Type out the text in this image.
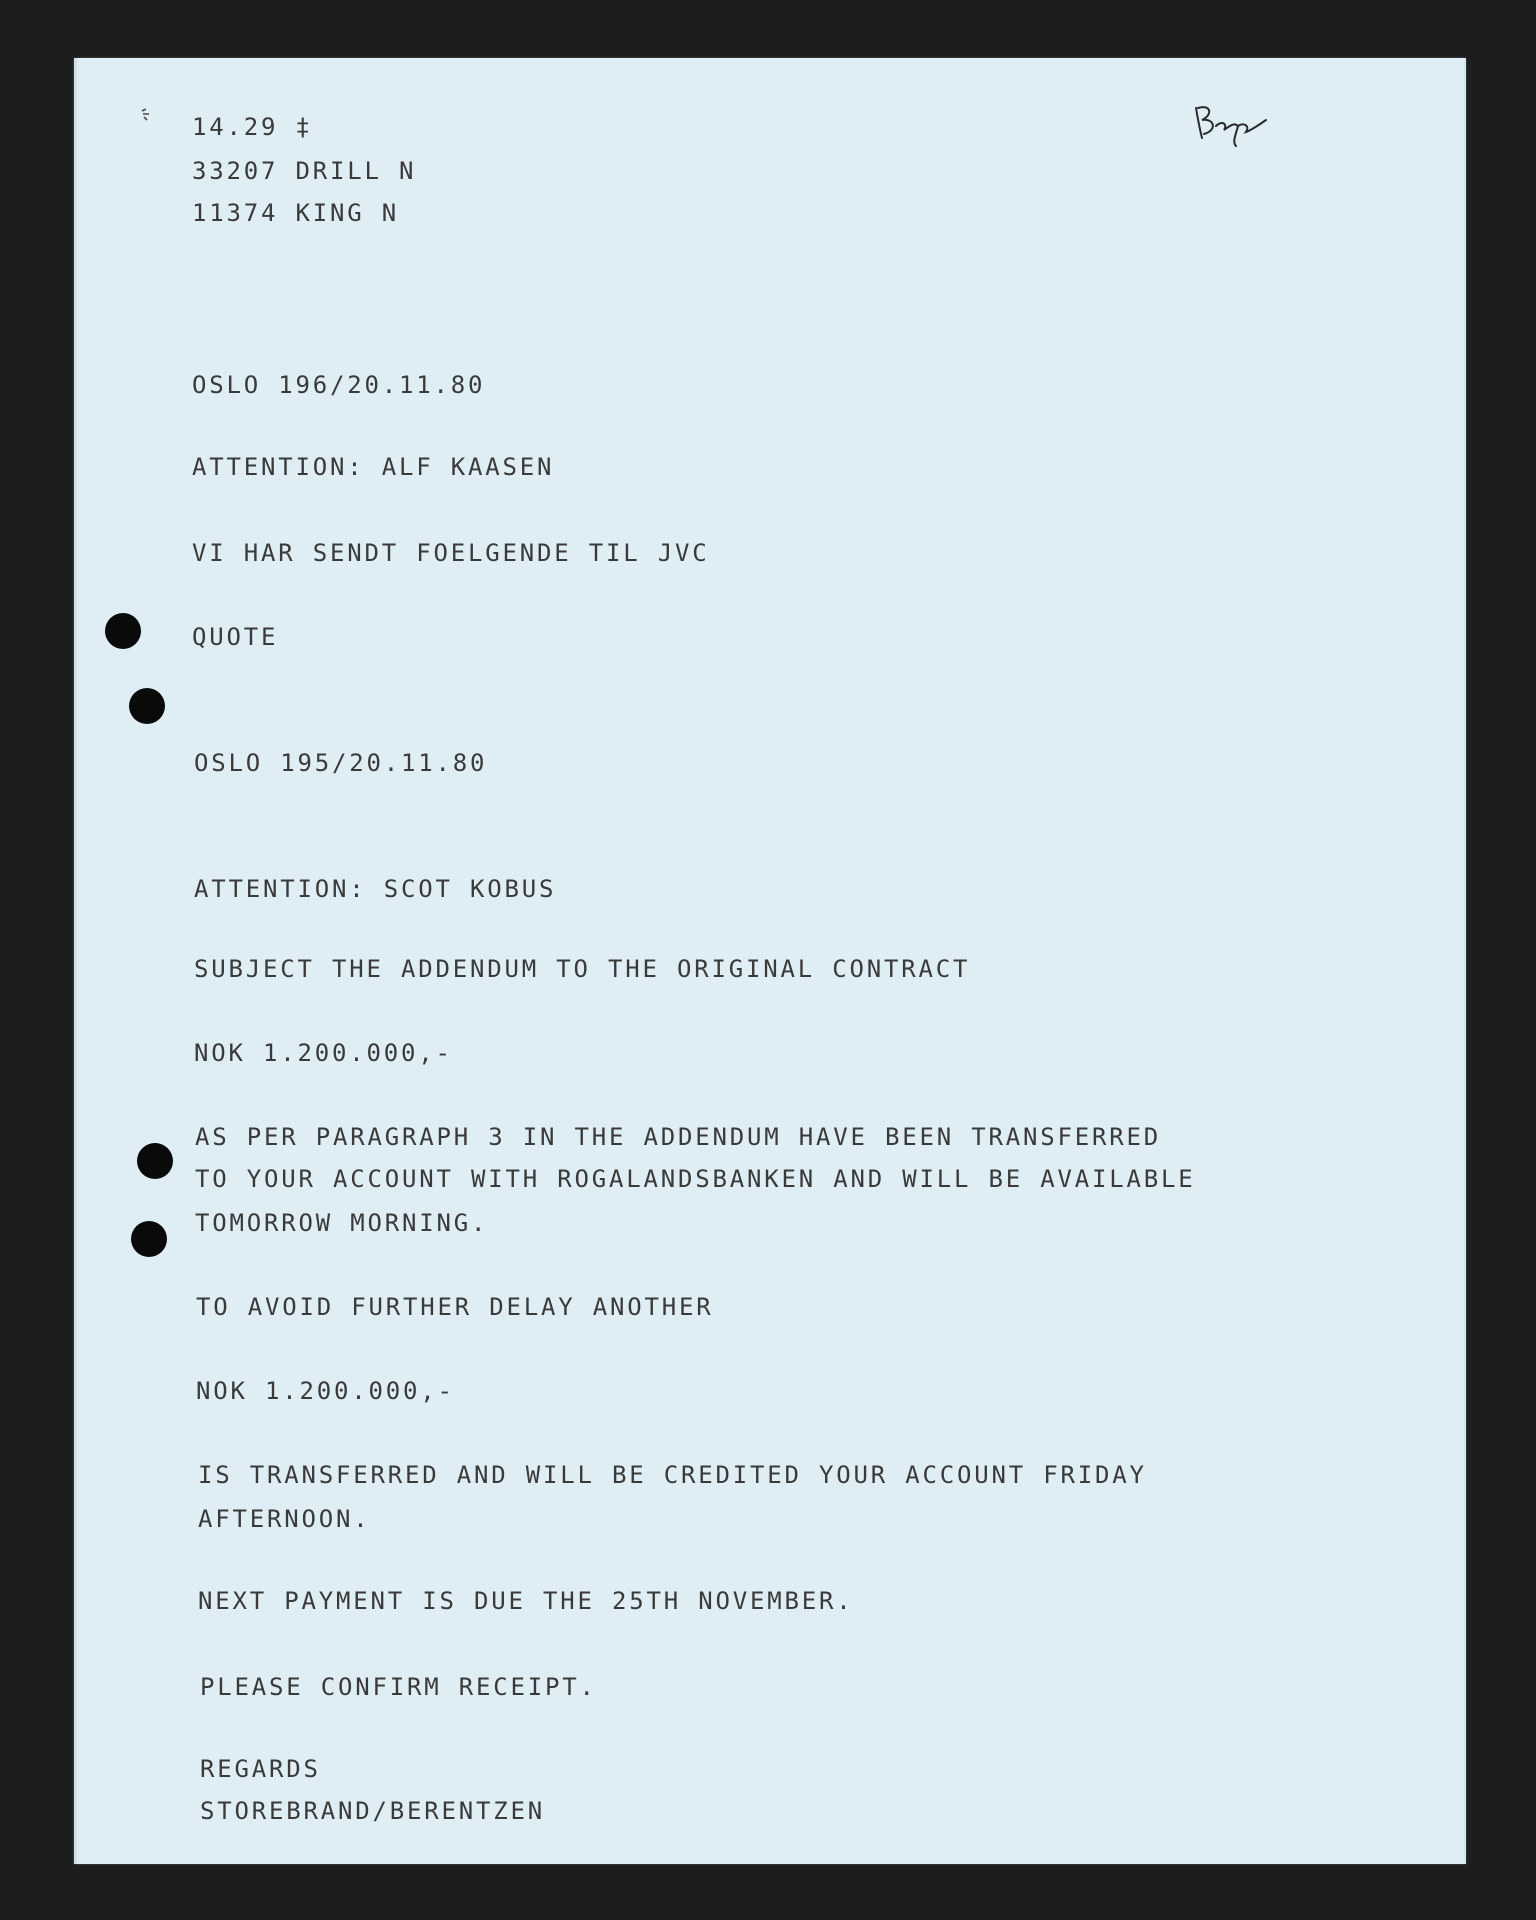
14.29 ‡
33207 DRILL N
11374 KING N
OSLO 196/20.11.80
ATTENTION: ALF KAASEN
VI HAR SENDT FOELGENDE TIL JVC
QUOTE
OSLO 195/20.11.80
ATTENTION: SCOT KOBUS
SUBJECT THE ADDENDUM TO THE ORIGINAL CONTRACT
NOK 1.200.000,-
AS PER PARAGRAPH 3 IN THE ADDENDUM HAVE BEEN TRANSFERRED
TO YOUR ACCOUNT WITH ROGALANDSBANKEN AND WILL BE AVAILABLE
TOMORROW MORNING.
TO AVOID FURTHER DELAY ANOTHER
NOK 1.200.000,-
IS TRANSFERRED AND WILL BE CREDITED YOUR ACCOUNT FRIDAY
AFTERNOON.
NEXT PAYMENT IS DUE THE 25TH NOVEMBER.
PLEASE CONFIRM RECEIPT.
REGARDS
STOREBRAND/BERENTZEN
